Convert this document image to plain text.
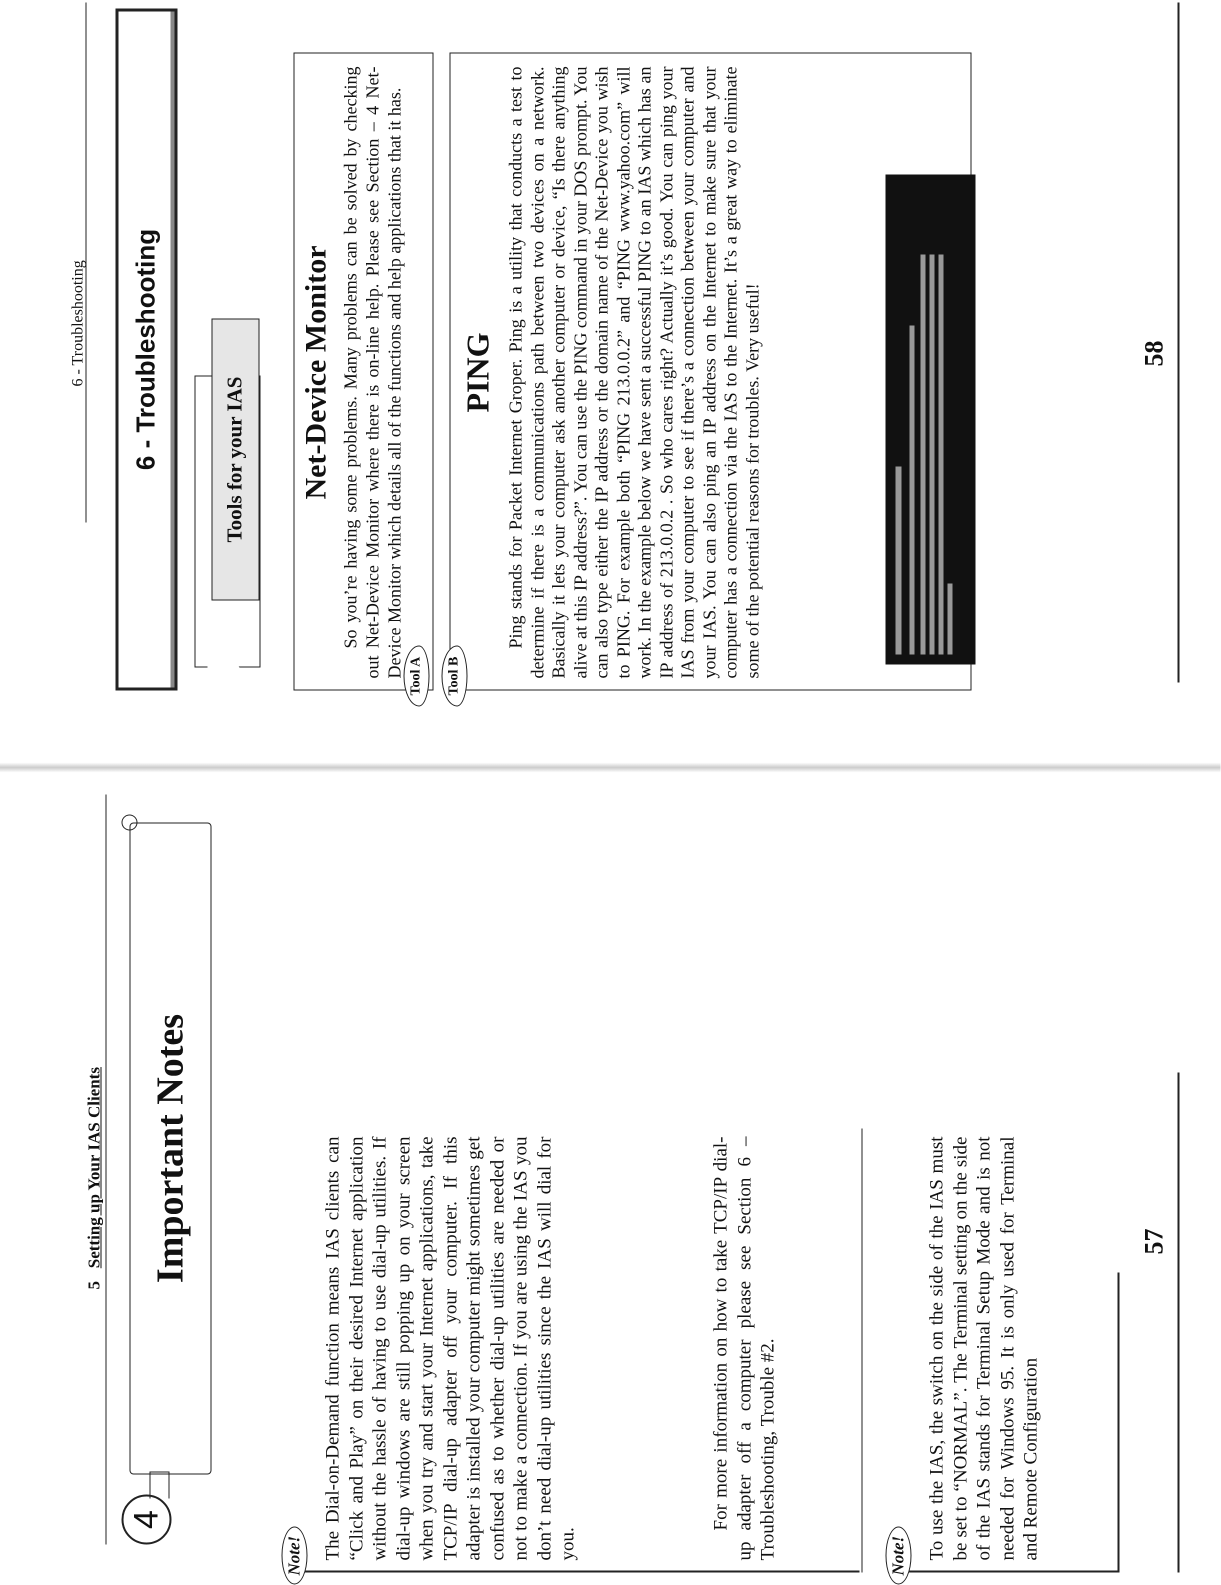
5   Setting up Your IAS Clients
4
Important Notes
Note! The Dial-on-Demand function means IAS clients can “Click and Play” on their desired Internet application without the hassle of having to use dial-up utilities. If dial-up windows are still popping up on your screen when you try and start your Internet applications, take TCP/IP dial-up adapter off your computer. If this adapter is installed your computer might sometimes get confused as to whether dial-up utilities are needed or not to make a connection. If you are using the IAS you don’t need dial-up utilities since the IAS will dial for you.

For more information on how to take TCP/IP dial-up adapter off a computer please see Section 6 – Troubleshooting, Trouble #2.	Note! To use the IAS, the switch on the side of the IAS must be set to “NORMAL”. The Terminal setting on the side of the IAS stands for Terminal Setup Mode and is not needed for Windows 95. It is only used for Terminal and Remote Configuration

57
6 - Troubleshooting 6 - Troubleshooting	Tools for your IAS
Tool A
Net-Device Monitor So you’re having some problems. Many problems can be solved by checking out Net-Device Monitor where there is on-line help. Please see Section – 4 Net-Device Monitor which details all of the functions and help applications that it has.	Tool B
PING Ping stands for Packet Internet Groper. Ping is a utility that conducts a test to determine if there is a communications path between two devices on a network. Basically it lets your computer ask another computer or device, “Is there anything alive at this IP address?”. You can use the PING command in your DOS prompt. You can also type either the IP address or the domain name of the Net-Device you wish to PING. For example both “PING 213.0.0.2” and “PING www.yahoo.com” will work. In the example below we have sent a successful PING to an IAS which has an IP address of 213.0.0.2 . So who cares right? Actually it’s good. You can ping your IAS from your computer to see if there’s a connection between your computer and your IAS. You can also ping an IP address on the Internet to make sure that your computer has a connection via the IAS to the Internet. It’s a great way to eliminate some of the potential reasons for troubles. Very useful!	58
